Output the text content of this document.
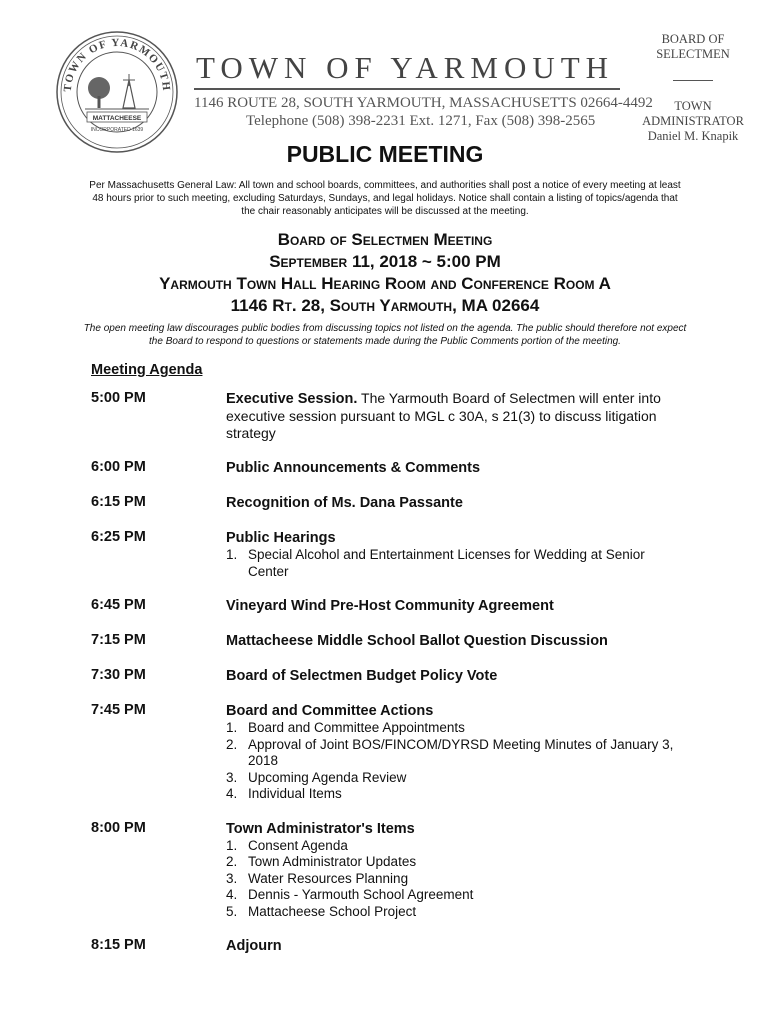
TOWN OF YARMOUTH
MATTACHEESE
INCORPORATED 1639
TOWN OF YARMOUTH
1146 ROUTE 28, SOUTH YARMOUTH, MASSACHUSETTS 02664-4492
Telephone (508) 398-2231 Ext. 1271, Fax (508) 398-2565
BOARD OF
SELECTMEN
TOWN
ADMINISTRATOR
Daniel M. Knapik
PUBLIC MEETING
Per Massachusetts General Law: All town and school boards, committees, and authorities shall post a notice of every meeting at least 48 hours prior to such meeting, excluding Saturdays, Sundays, and legal holidays. Notice shall contain a listing of topics/agenda that the chair reasonably anticipates will be discussed at the meeting.
Board of Selectmen Meeting
September 11, 2018 ~ 5:00 PM
Yarmouth Town Hall Hearing Room and Conference Room A
1146 Rt. 28, South Yarmouth, MA 02664
The open meeting law discourages public bodies from discussing topics not listed on the agenda. The public should therefore not expect the Board to respond to questions or statements made during the Public Comments portion of the meeting.
Meeting Agenda
5:00 PM	Executive Session. The Yarmouth Board of Selectmen will enter into executive session pursuant to MGL c 30A, s 21(3) to discuss litigation strategy
6:00 PM	Public Announcements & Comments
6:15 PM	Recognition of Ms. Dana Passante
6:25 PM	Public Hearings
1. Special Alcohol and Entertainment Licenses for Wedding at Senior Center
6:45 PM	Vineyard Wind Pre-Host Community Agreement
7:15 PM	Mattacheese Middle School Ballot Question Discussion
7:30 PM	Board of Selectmen Budget Policy Vote
7:45 PM	Board and Committee Actions
1. Board and Committee Appointments
2. Approval of Joint BOS/FINCOM/DYRSD Meeting Minutes of January 3, 2018
3. Upcoming Agenda Review
4. Individual Items
8:00 PM	Town Administrator's Items
1. Consent Agenda
2. Town Administrator Updates
3. Water Resources Planning
4. Dennis - Yarmouth School Agreement
5. Mattacheese School Project
8:15 PM	Adjourn
